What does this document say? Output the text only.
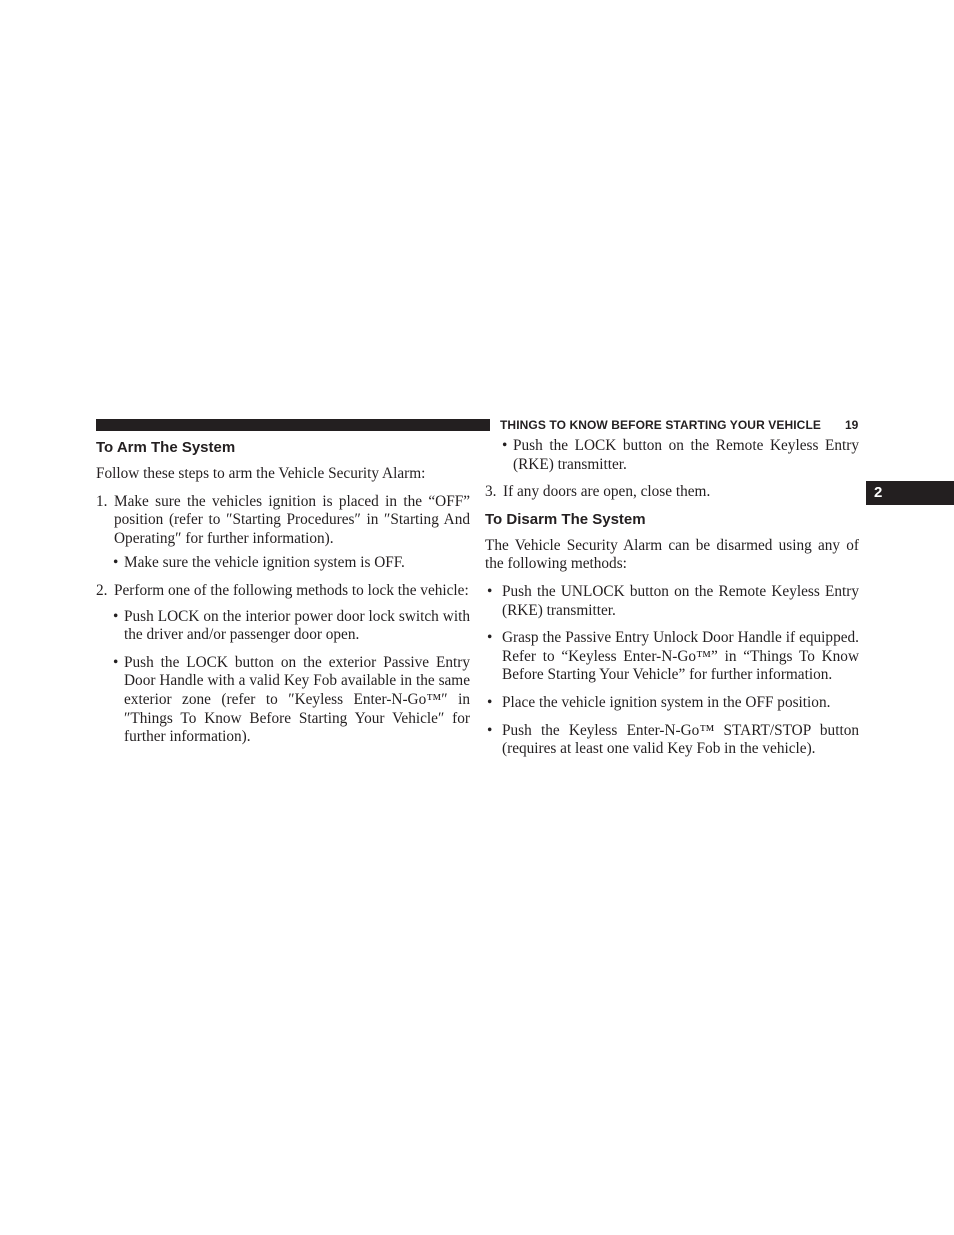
THINGS TO KNOW BEFORE STARTING YOUR VEHICLE 19
2
To Arm The System

Follow these steps to arm the Vehicle Security Alarm:

1. Make sure the vehicles ignition is placed in the “OFF” position (refer to ″Starting Procedures″ in ″Starting And Operating″ for further information).

• Make sure the vehicle ignition system is OFF.

2. Perform one of the following methods to lock the vehicle:

• Push LOCK on the interior power door lock switch with the driver and/or passenger door open.

• Push the LOCK button on the exterior Passive Entry Door Handle with a valid Key Fob available in the same exterior zone (refer to ″Keyless Enter-N-Go™″ in ″Things To Know Before Starting Your Vehicle″ for further information).

• Push the LOCK button on the Remote Keyless Entry (RKE) transmitter.

3. If any doors are open, close them.

To Disarm The System

The Vehicle Security Alarm can be disarmed using any of the following methods:

• Push the UNLOCK button on the Remote Keyless Entry (RKE) transmitter.

• Grasp the Passive Entry Unlock Door Handle if equipped. Refer to “Keyless Enter-N-Go™” in “Things To Know Before Starting Your Vehicle” for further information.

• Place the vehicle ignition system in the OFF position.

• Push the Keyless Enter-N-Go™ START/STOP button (requires at least one valid Key Fob in the vehicle).
